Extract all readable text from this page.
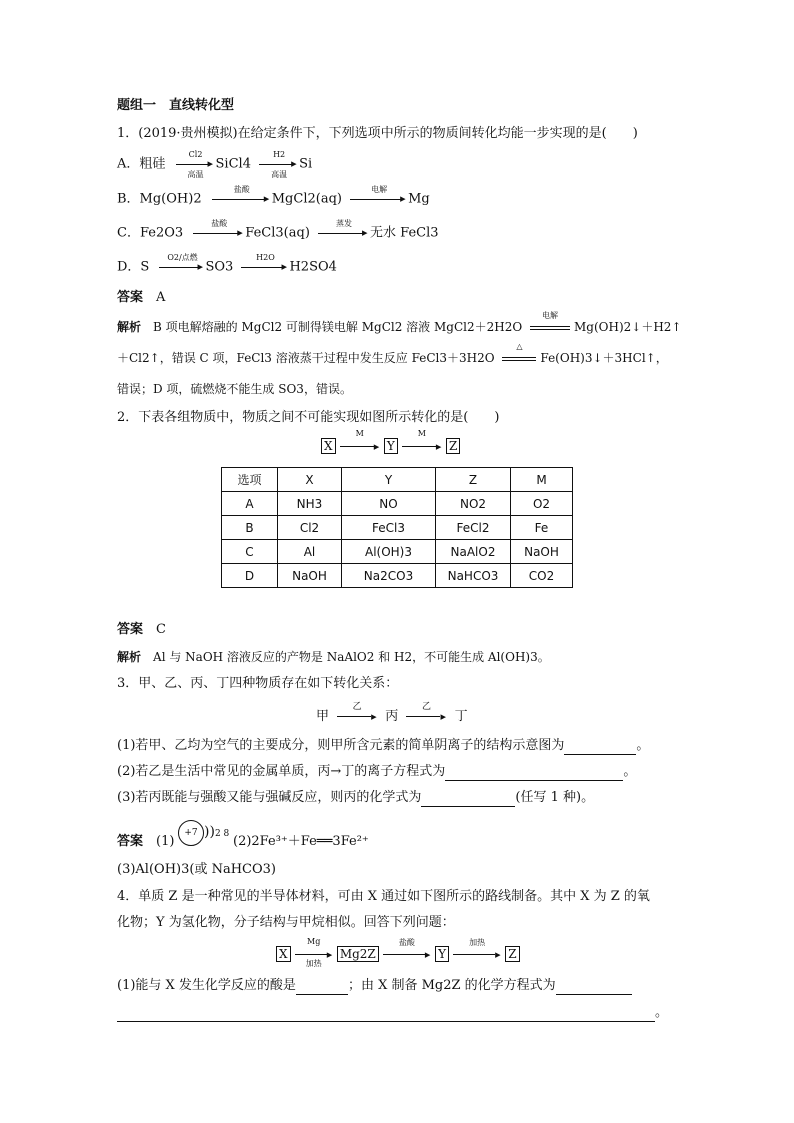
题组一　直线转化型
1．(2019·贵州模拟)在给定条件下，下列选项中所示的物质间转化均能一步实现的是(　　)
A．粗硅
Cl2
▸
高温
SiCl4
H2
▸
高温
Si
B．Mg(OH)2
盐酸
▸ MgCl2(aq)
电解
▸ Mg
C．Fe2O3
盐酸
▸ FeCl3(aq)
蒸发
▸ 无水 FeCl3
D．S
O2/点燃
▸ SO3
H2O
▸ H2SO4
答案　 A
解析　 B 项电解熔融的 MgCl2 可制得镁电解 MgCl2 溶液 MgCl2＋2H2O
电解
Mg(OH)2↓＋H2↑
＋Cl2↑，错误 C 项，FeCl3 溶液蒸干过程中发生反应 FeCl3＋3H2O
△
Fe(OH)3↓＋3HCl↑，
错误；D 项，硫燃烧不能生成 SO3，错误。
2．下表各组物质中，物质之间不可能实现如图所示转化的是(　　)
X
M
▸ Y
M
▸ Z
选项	X	Y	Z	M
A	NH3	NO	NO2	O2
B	Cl2	FeCl3	FeCl2	Fe
C	Al	Al(OH)3	NaAlO2	NaOH
D	NaOH	Na2CO3	NaHCO3	CO2
答案　 C
解析　 Al 与 NaOH 溶液反应的产物是 NaAlO2 和 H2，不可能生成 Al(OH)3。
3．甲、乙、丙、丁四种物质存在如下转化关系：
甲
乙
▸ 丙
乙
▸ 丁
(1)若甲、乙均为空气的主要成分，则甲所含元素的简单阴离子的结构示意图为	。
(2)若乙是生活中常见的金属单质，丙→丁的离子方程式为	。
(3)若丙既能与强酸又能与强碱反应，则丙的化学式为	(任写 1 种)。
答案　 (1)
+7 ))2 8 (2)2Fe³⁺＋Fe══3Fe²⁺
(3)Al(OH)3(或 NaHCO3)
4．单质 Z 是一种常见的半导体材料，可由 X 通过如下图所示的路线制备。其中 X 为 Z 的氧
化物；Y 为氢化物，分子结构与甲烷相似。回答下列问题：
X
Mg
▸
加热
Mg2Z
盐酸
▸ Y
加热
▸ Z
(1)能与 X 发生化学反应的酸是	；由 X 制备 Mg2Z 的化学方程式为
。
